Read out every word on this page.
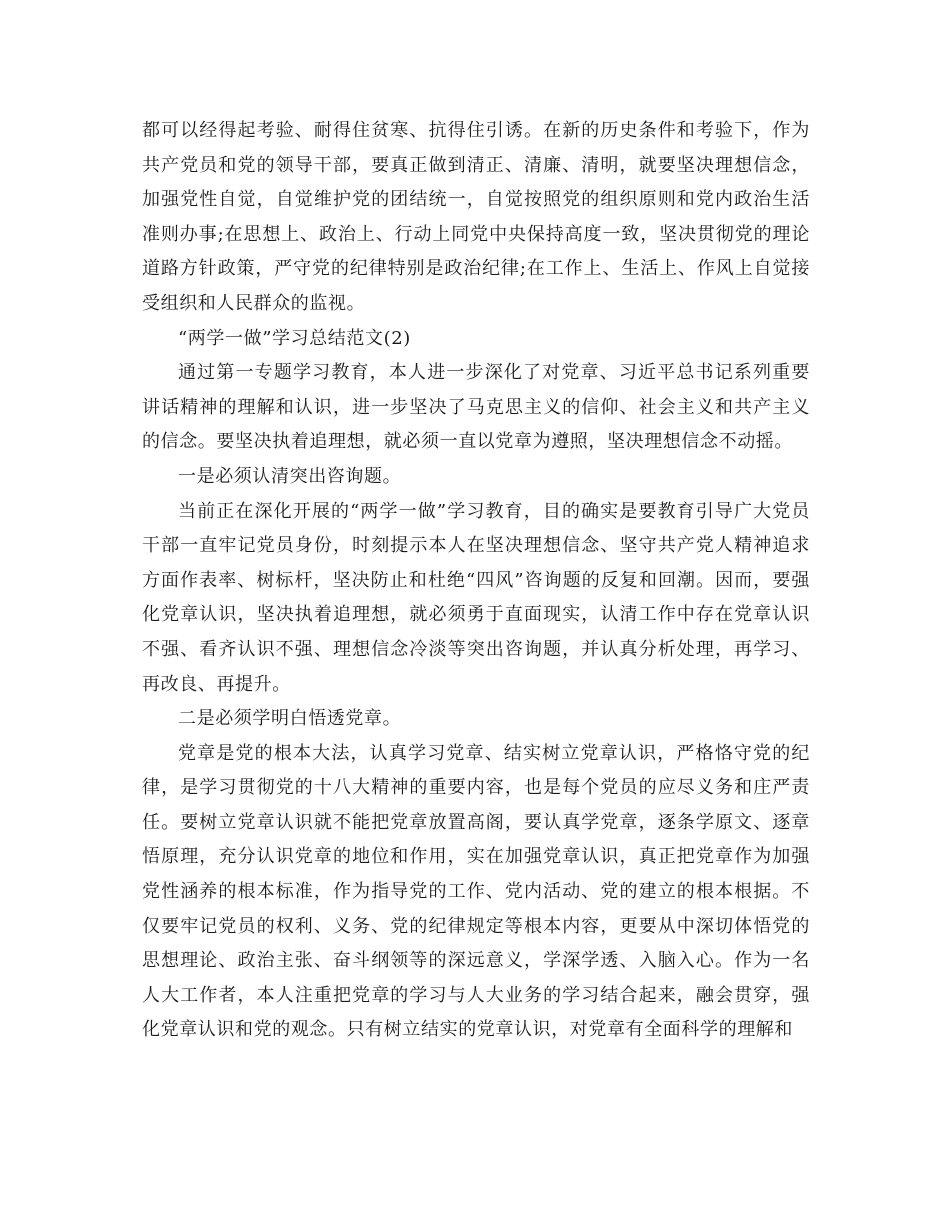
都可以经得起考验、耐得住贫寒、抗得住引诱。在新的历史条件和考验下，作为共产党员和党的领导干部，要真正做到清正、清廉、清明，就要坚决理想信念，加强党性自觉，自觉维护党的团结统一，自觉按照党的组织原则和党内政治生活准则办事;在思想上、政治上、行动上同党中央保持高度一致，坚决贯彻党的理论道路方针政策，严守党的纪律特别是政治纪律;在工作上、生活上、作风上自觉接受组织和人民群众的监视。

“两学一做”学习总结范文(2)

通过第一专题学习教育，本人进一步深化了对党章、习近平总书记系列重要讲话精神的理解和认识，进一步坚决了马克思主义的信仰、社会主义和共产主义的信念。要坚决执着追理想，就必须一直以党章为遵照，坚决理想信念不动摇。

一是必须认清突出咨询题。

当前正在深化开展的“两学一做”学习教育，目的确实是要教育引导广大党员干部一直牢记党员身份，时刻提示本人在坚决理想信念、坚守共产党人精神追求方面作表率、树标杆，坚决防止和杜绝“四风”咨询题的反复和回潮。因而，要强化党章认识，坚决执着追理想，就必须勇于直面现实，认清工作中存在党章认识不强、看齐认识不强、理想信念冷淡等突出咨询题，并认真分析处理，再学习、再改良、再提升。

二是必须学明白悟透党章。

党章是党的根本大法，认真学习党章、结实树立党章认识，严格恪守党的纪律，是学习贯彻党的十八大精神的重要内容，也是每个党员的应尽义务和庄严责任。要树立党章认识就不能把党章放置高阁，要认真学党章，逐条学原文、逐章悟原理，充分认识党章的地位和作用，实在加强党章认识，真正把党章作为加强党性涵养的根本标准，作为指导党的工作、党内活动、党的建立的根本根据。不仅要牢记党员的权利、义务、党的纪律规定等根本内容，更要从中深切体悟党的思想理论、政治主张、奋斗纲领等的深远意义，学深学透、入脑入心。作为一名人大工作者，本人注重把党章的学习与人大业务的学习结合起来，融会贯穿，强化党章认识和党的观念。只有树立结实的党章认识，对党章有全面科学的理解和
